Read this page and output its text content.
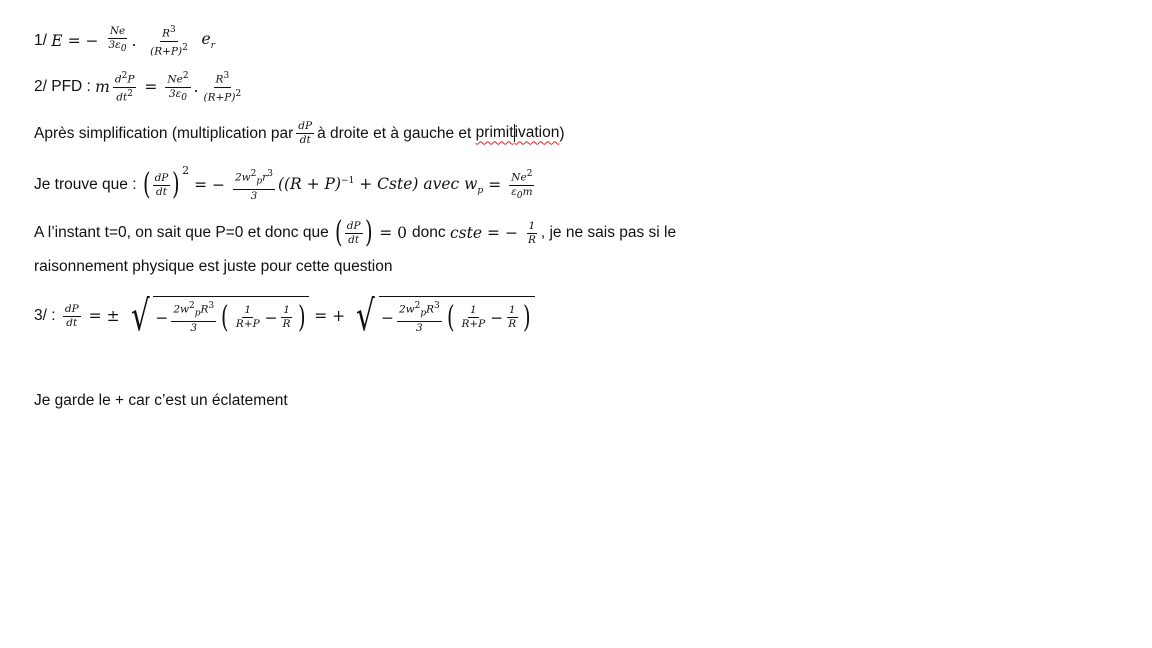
1/
E = − $\frac{Ne}{3\varepsilon 0}$ .
$\frac{R3}{(R+P)2}$
$e_r$
2/ PFD :
m $\frac{d2P}{dt2} = \frac{Ne2}{3\varepsilon 0}$ . $\frac{R3}{(R+P)2}$
Après simplification (multiplication par $\frac{dP}{dt}$ à droite et à gauche et
primitivation )
Je trouve que :
( $\frac{dP}{dt}$ ) 2
= − $\frac{2w2pr3}{3} ((R + P)^{-1}$ + Cste) avec $w_p = \frac{Ne2}{\varepsilon 0m}$
A l’instant t=0, on sait que P=0 et donc que
( $\frac{dP}{dt}$ ) = 0 donc
cste = − $\frac{1}{R}$ , je ne sais pas si le
raisonnement physique est juste pour cette question
3/ :
$\frac{dP}{dt}$ = ± √ − $\frac{2w2pR3}{3}$ ( $\frac{1}{R+P} - \frac{1}{R}$ ) = + √ − $\frac{2w2pR3}{3}$ ( $\frac{1}{R+P} - \frac{1}{R}$ )
Je garde le + car c’est un éclatement
